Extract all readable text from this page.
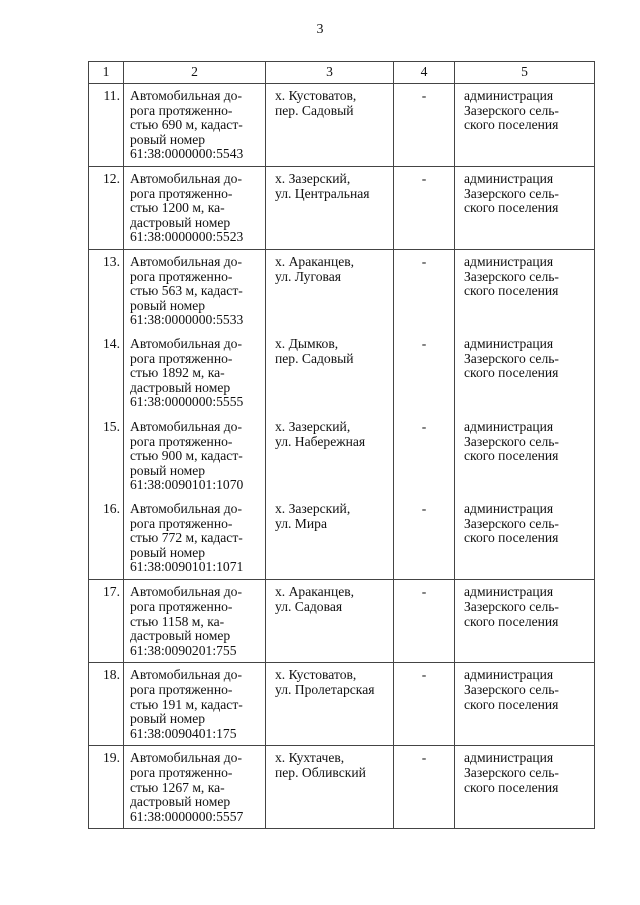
3
1	2	3	4	5
11.	Автомобильная до-
рога протяженно-
стью 690 м, кадаст-
ровый номер
61:38:0000000:5543	х. Кустоватов,
пер. Садовый	-	администрация
Зазерского сель-
ского поселения

12.	Автомобильная до-
рога протяженно-
стью 1200 м, ка-
дастровый номер
61:38:0000000:5523	х. Зазерский,
ул. Центральная	-	администрация
Зазерского сель-
ского поселения

13.	Автомобильная до-
рога протяженно-
стью 563 м, кадаст-
ровый номер
61:38:0000000:5533	х. Араканцев,
ул. Луговая	-	администрация
Зазерского сель-
ского поселения

14.	Автомобильная до-
рога протяженно-
стью 1892 м, ка-
дастровый номер
61:38:0000000:5555	х. Дымков,
пер. Садовый	-	администрация
Зазерского сель-
ского поселения

15.	Автомобильная до-
рога протяженно-
стью 900 м, кадаст-
ровый номер
61:38:0090101:1070	х. Зазерский,
ул. Набережная	-	администрация
Зазерского сель-
ского поселения

16.	Автомобильная до-
рога протяженно-
стью 772 м, кадаст-
ровый номер
61:38:0090101:1071	х. Зазерский,
ул. Мира	-	администрация
Зазерского сель-
ского поселения

17.	Автомобильная до-
рога протяженно-
стью 1158 м, ка-
дастровый номер
61:38:0090201:755	х. Араканцев,
ул. Садовая	-	администрация
Зазерского сель-
ского поселения

18.	Автомобильная до-
рога протяженно-
стью 191 м, кадаст-
ровый номер
61:38:0090401:175	х. Кустоватов,
ул. Пролетарская	-	администрация
Зазерского сель-
ского поселения

19.	Автомобильная до-
рога протяженно-
стью 1267 м, ка-
дастровый номер
61:38:0000000:5557	х. Кухтачев,
пер. Обливский	-	администрация
Зазерского сель-
ского поселения
